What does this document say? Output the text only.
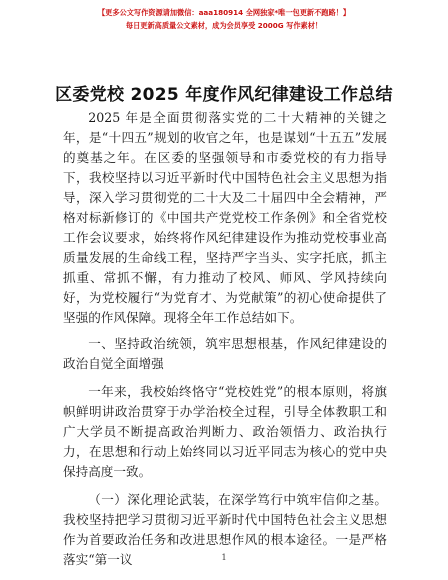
【更多公文写作资源请加微信：aaa180914 全网独家*唯一包更新不跑路！】
每日更新高质量公文素材，成为会员享受 2000G 写作素材！
区委党校 2025 年度作风纪律建设工作总结

2025 年是全面贯彻落实党的二十大精神的关键之年，是“十四五”规划的收官之年，也是谋划“十五五”发展的奠基之年。在区委的坚强领导和市委党校的有力指导下，我校坚持以习近平新时代中国特色社会主义思想为指导，深入学习贯彻党的二十大及二十届四中全会精神，严格对标新修订的《中国共产党党校工作条例》和全省党校工作会议要求，始终将作风纪律建设作为推动党校事业高质量发展的生命线工程，坚持严字当头、实字托底，抓主抓重、常抓不懈，有力推动了校风、师风、学风持续向好，为党校履行“为党育才、为党献策”的初心使命提供了坚强的作风保障。现将全年工作总结如下。

一、坚持政治统领，筑牢思想根基，作风纪律建设的政治自觉全面增强

一年来，我校始终恪守“党校姓党”的根本原则，将旗帜鲜明讲政治贯穿于办学治校全过程，引导全体教职工和广大学员不断提高政治判断力、政治领悟力、政治执行力，在思想和行动上始终同以习近平同志为核心的党中央保持高度一致。

（一）深化理论武装，在深学笃行中筑牢信仰之基。我校坚持把学习贯彻习近平新时代中国特色社会主义思想作为首要政治任务和改进思想作风的根本途径。一是严格落实“第一议	1
